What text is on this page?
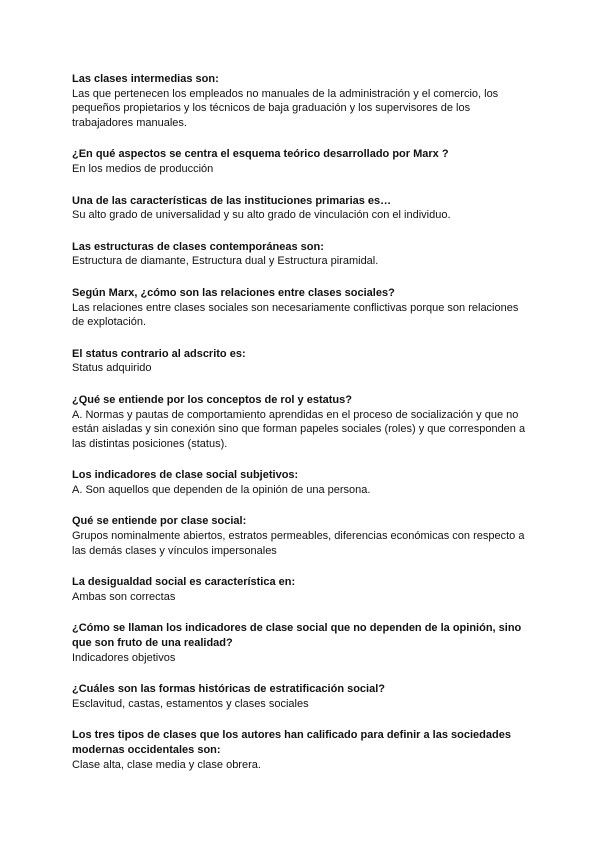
Las clases intermedias son:

Las que pertenecen los empleados no manuales de la administración y el comercio, los pequeños propietarios y los técnicos de baja graduación y los supervisores de los trabajadores manuales.

¿En qué aspectos se centra el esquema teórico desarrollado por Marx ?

En los medios de producción

Una de las características de las instituciones primarias es…

Su alto grado de universalidad y su alto grado de vinculación con el individuo.

Las estructuras de clases contemporáneas son:

Estructura de diamante, Estructura dual y Estructura piramidal.

Según Marx, ¿cómo son las relaciones entre clases sociales?

Las relaciones entre clases sociales son necesariamente conflictivas porque son relaciones de explotación.

El status contrario al adscrito es:

Status adquirido

¿Qué se entiende por los conceptos de rol y estatus?

A. Normas y pautas de comportamiento aprendidas en el proceso de socialización y que no están aisladas y sin conexión sino que forman papeles sociales (roles) y que corresponden a las distintas posiciones (status).

Los indicadores de clase social subjetivos:

A. Son aquellos que dependen de la opinión de una persona.

Qué se entiende por clase social:

Grupos nominalmente abiertos, estratos permeables, diferencias económicas con respecto a las demás clases y vínculos impersonales

La desigualdad social es característica en:

Ambas son correctas

¿Cómo se llaman los indicadores de clase social que no dependen de la opinión, sino que son fruto de una realidad?

Indicadores objetivos

¿Cuáles son las formas históricas de estratificación social?

Esclavitud, castas, estamentos y clases sociales

Los tres tipos de clases que los autores han calificado para definir a las sociedades modernas occidentales son:

Clase alta, clase media y clase obrera.
